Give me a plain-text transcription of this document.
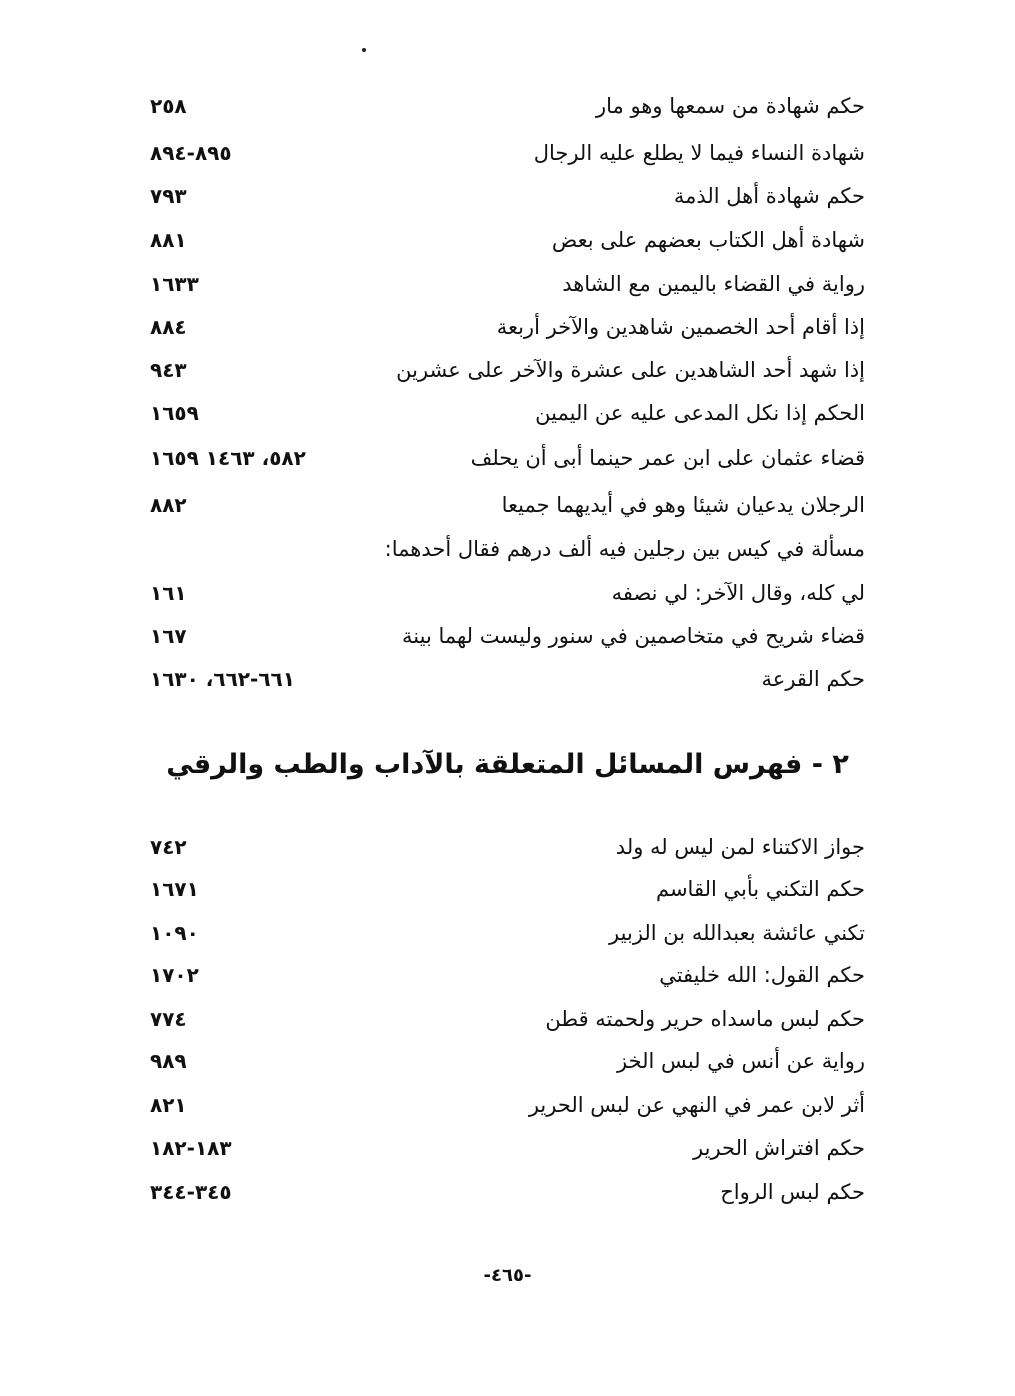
حكم شهادة من سمعها وهو مار
٢٥٨
شهادة النساء فيما لا يطلع عليه الرجال
٨٩٥-٨٩٤
حكم شهادة أهل الذمة
٧٩٣
شهادة أهل الكتاب بعضهم على بعض
٨٨١
رواية في القضاء باليمين مع الشاهد
١٦٣٣
إذا أقام أحد الخصمين شاهدين والآخر أربعة
٨٨٤
إذا شهد أحد الشاهدين على عشرة والآخر على عشرين
٩٤٣
الحكم إذا نكل المدعى عليه عن اليمين
١٦٥٩
قضاء عثمان على ابن عمر حينما أبى أن يحلف
٥٨٢، ١٤٦٣ ١٦٥٩
الرجلان يدعيان شيئا وهو في أيديهما جميعا
٨٨٢
مسألة في كيس بين رجلين فيه ألف درهم فقال أحدهما:
لي كله، وقال الآخر: لي نصفه
١٦١
قضاء شريح في متخاصمين في سنور وليست لهما بينة
١٦٧
حكم القرعة
٦٦١-٦٦٢، ١٦٣٠
٢ - فهرس المسائل المتعلقة بالآداب والطب والرقي
جواز الاكتناء لمن ليس له ولد
٧٤٢
حكم التكني بأبي القاسم
١٦٧١
تكني عائشة بعبدالله بن الزبير
١٠٩٠
حكم القول: الله خليفتي
١٧٠٢
حكم لبس ماسداه حرير ولحمته قطن
٧٧٤
رواية عن أنس في لبس الخز
٩٨٩
أثر لابن عمر في النهي عن لبس الحرير
٨٢١
حكم افتراش الحرير
١٨٣-١٨٢
حكم لبس الرواح
٣٤٥-٣٤٤
-٤٦٥-
